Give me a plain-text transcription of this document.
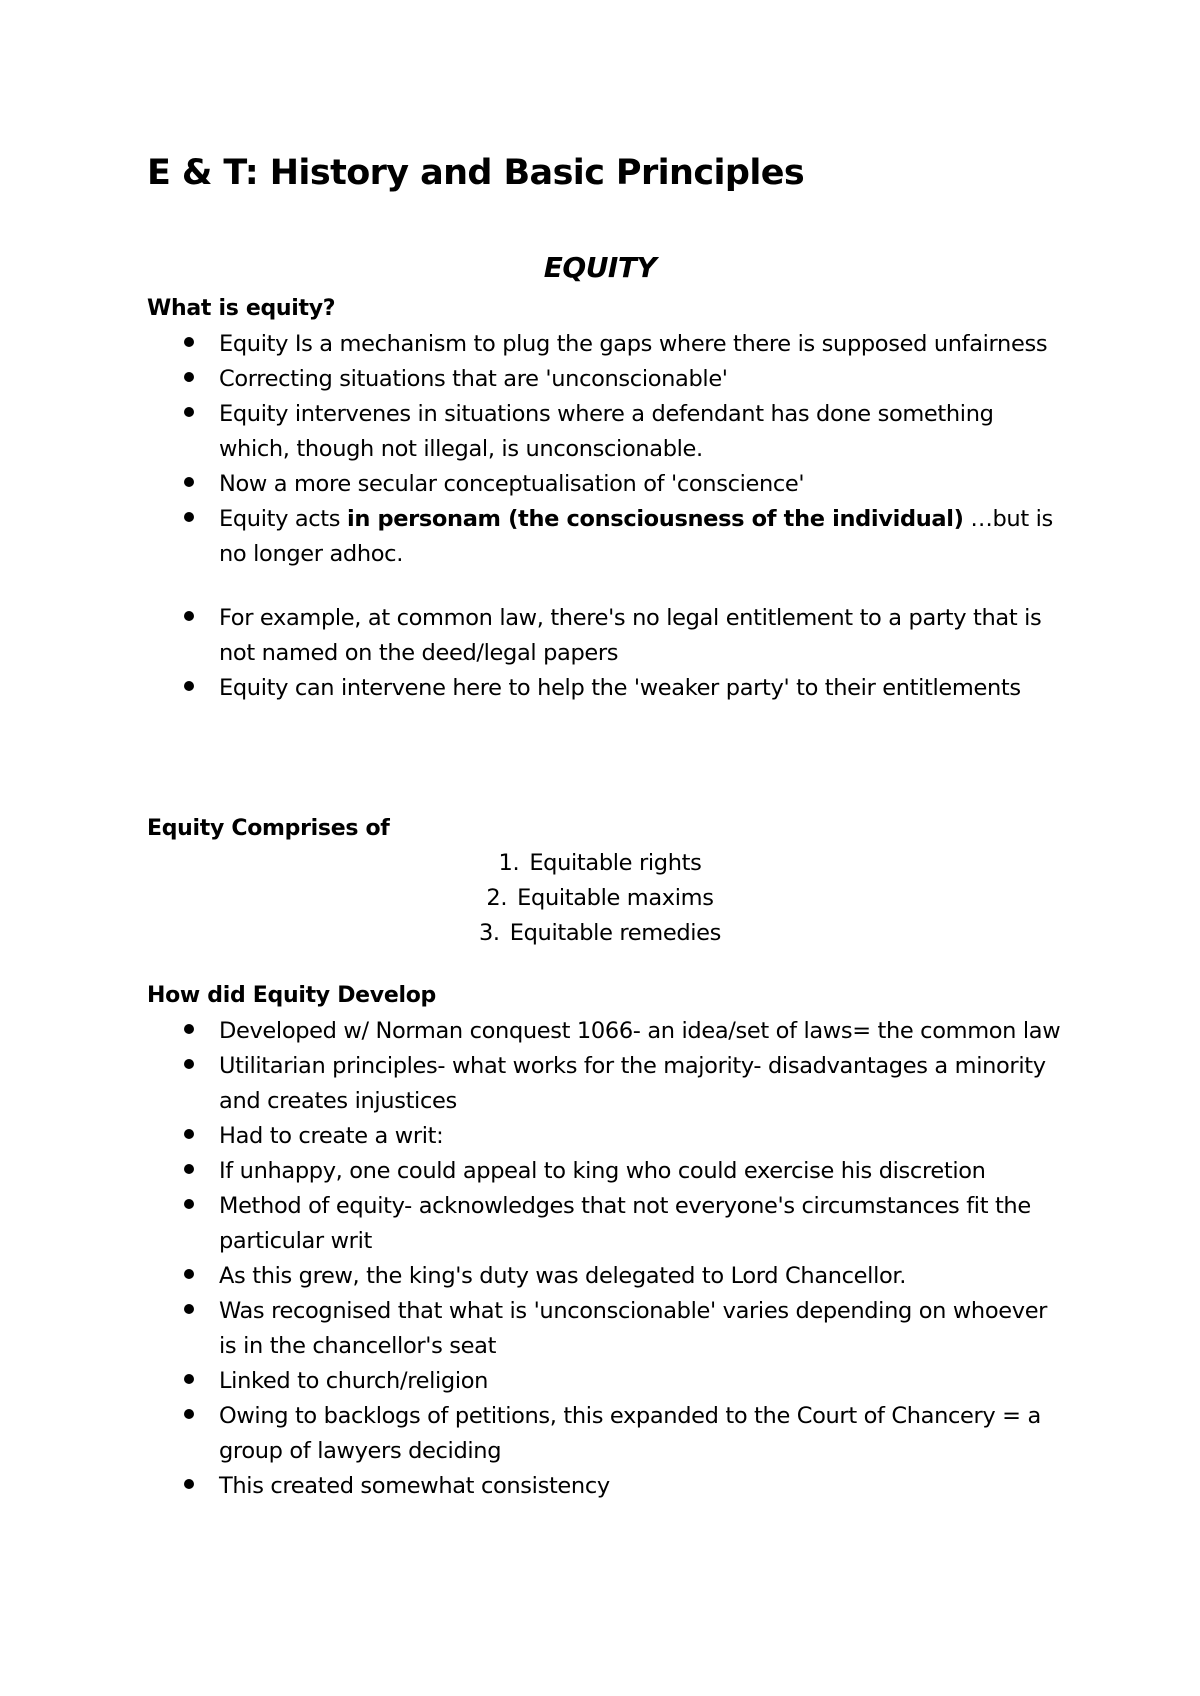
E & T: History and Basic Principles
EQUITY
What is equity?
Equity Is a mechanism to plug the gaps where there is supposed unfairness
Correcting situations that are 'unconscionable'
Equity intervenes in situations where a defendant has done something which, though not illegal, is unconscionable.
Now a more secular conceptualisation of 'conscience'
Equity acts in personam (the consciousness of the individual) …but is no longer adhoc.
For example, at common law, there's no legal entitlement to a party that is not named on the deed/legal papers
Equity can intervene here to help the 'weaker party' to their entitlements
Equity Comprises of
1. Equitable rights
2. Equitable maxims
3. Equitable remedies
How did Equity Develop
Developed w/ Norman conquest 1066- an idea/set of laws= the common law
Utilitarian principles- what works for the majority- disadvantages a minority and creates injustices
Had to create a writ:
If unhappy, one could appeal to king who could exercise his discretion
Method of equity- acknowledges that not everyone's circumstances fit the particular writ
As this grew, the king's duty was delegated to Lord Chancellor.
Was recognised that what is 'unconscionable' varies depending on whoever is in the chancellor's seat
Linked to church/religion
Owing to backlogs of petitions, this expanded to the Court of Chancery = a group of lawyers deciding
This created somewhat consistency
